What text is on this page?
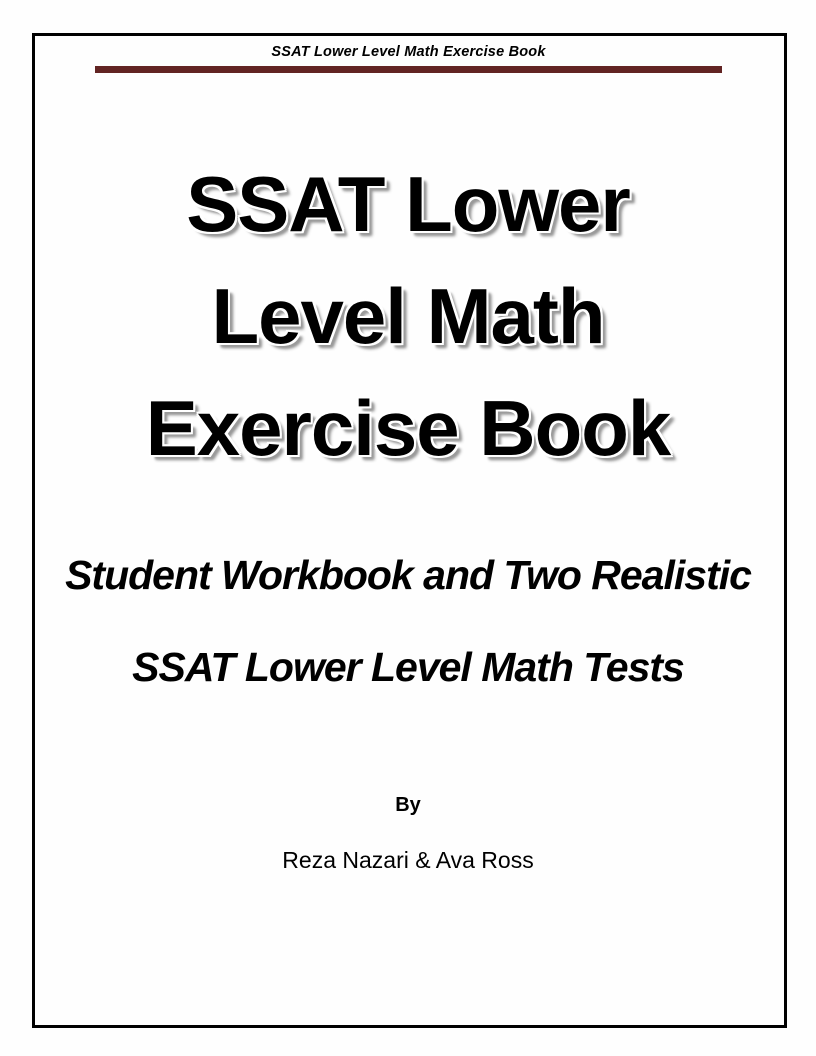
SSAT Lower Level Math Exercise Book
SSAT Lower
Level Math
Exercise Book
Student Workbook and Two Realistic
SSAT Lower Level Math Tests
By
Reza Nazari & Ava Ross
